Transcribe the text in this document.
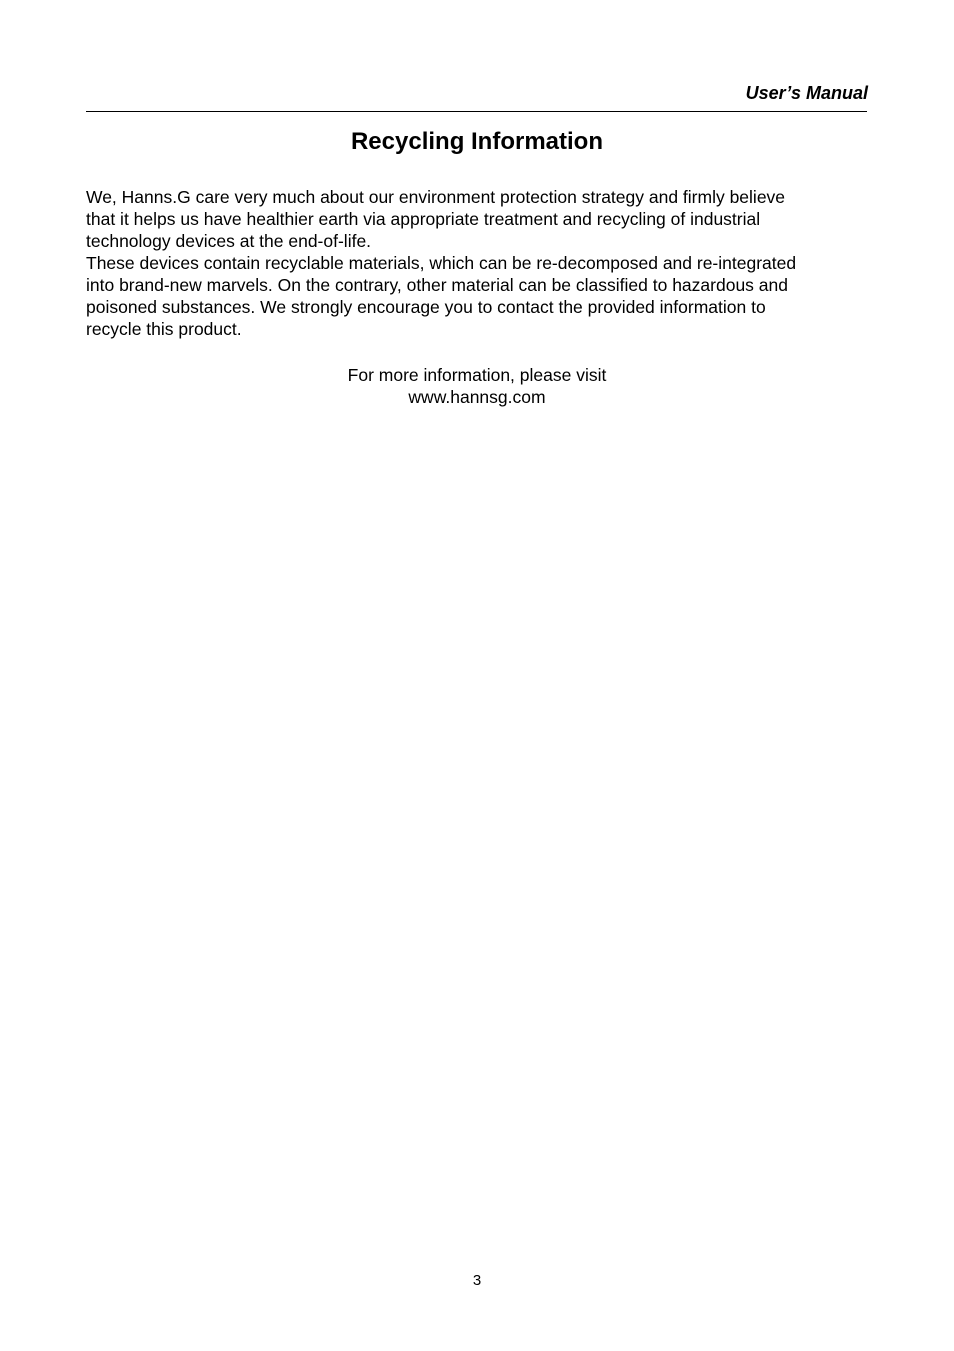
User’s Manual
Recycling Information

We, Hanns.G care very much about our environment protection strategy and firmly believe
that it helps us have healthier earth via appropriate treatment and recycling of industrial
technology devices at the end-of-life.

These devices contain recyclable materials, which can be re-decomposed and re-integrated
into brand-new marvels. On the contrary, other material can be classified to hazardous and
poisoned substances. We strongly encourage you to contact the provided information to
recycle this product.

For more information, please visit
www.hannsg.com
3
